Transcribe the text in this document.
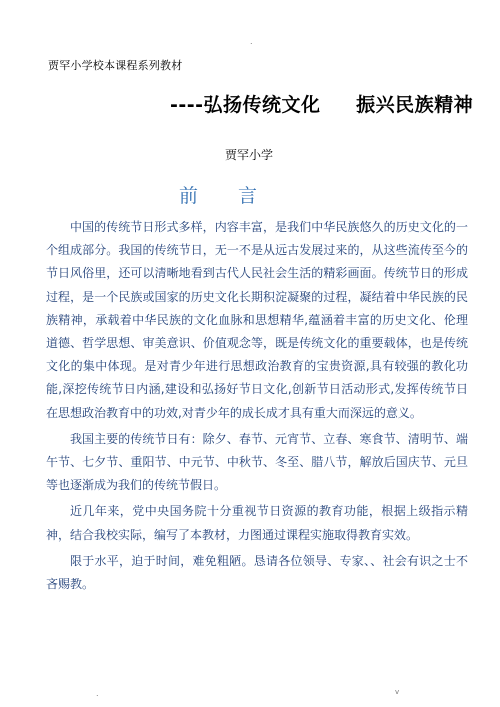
.
贾罕小学校本课程系列教材
----弘扬传统文化     振兴民族精神
贾罕小学
前 言

中国的传统节日形式多样，内容丰富，是我们中华民族悠久的历史文化的一个组成部分。我国的传统节日，无一不是从远古发展过来的，从这些流传至今的节日风俗里，还可以清晰地看到古代人民社会生活的精彩画面。传统节日的形成过程，是一个民族或国家的历史文化长期积淀凝聚的过程，凝结着中华民族的民族精神，承载着中华民族的文化血脉和思想精华,蕴涵着丰富的历史文化、伦理道德、哲学思想、审美意识、价值观念等，既是传统文化的重要载体，也是传统文化的集中体现。是对青少年进行思想政治教育的宝贵资源,具有较强的教化功能,深挖传统节日内涵,建设和弘扬好节日文化,创新节日活动形式,发挥传统节日在思想政治教育中的功效,对青少年的成长成才具有重大而深远的意义。

我国主要的传统节日有：除夕、春节、元宵节、立春、寒食节、清明节、端午节、七夕节、重阳节、中元节、中秋节、冬至、腊八节，解放后国庆节、元旦等也逐渐成为我们的传统节假日。

近几年来，党中央国务院十分重视节日资源的教育功能，根据上级指示精神，结合我校实际，编写了本教材，力图通过课程实施取得教育实效。

限于水平，迫于时间，难免粗陋。恳请各位领导、专家、、社会有识之士不吝赐教。

.	v
